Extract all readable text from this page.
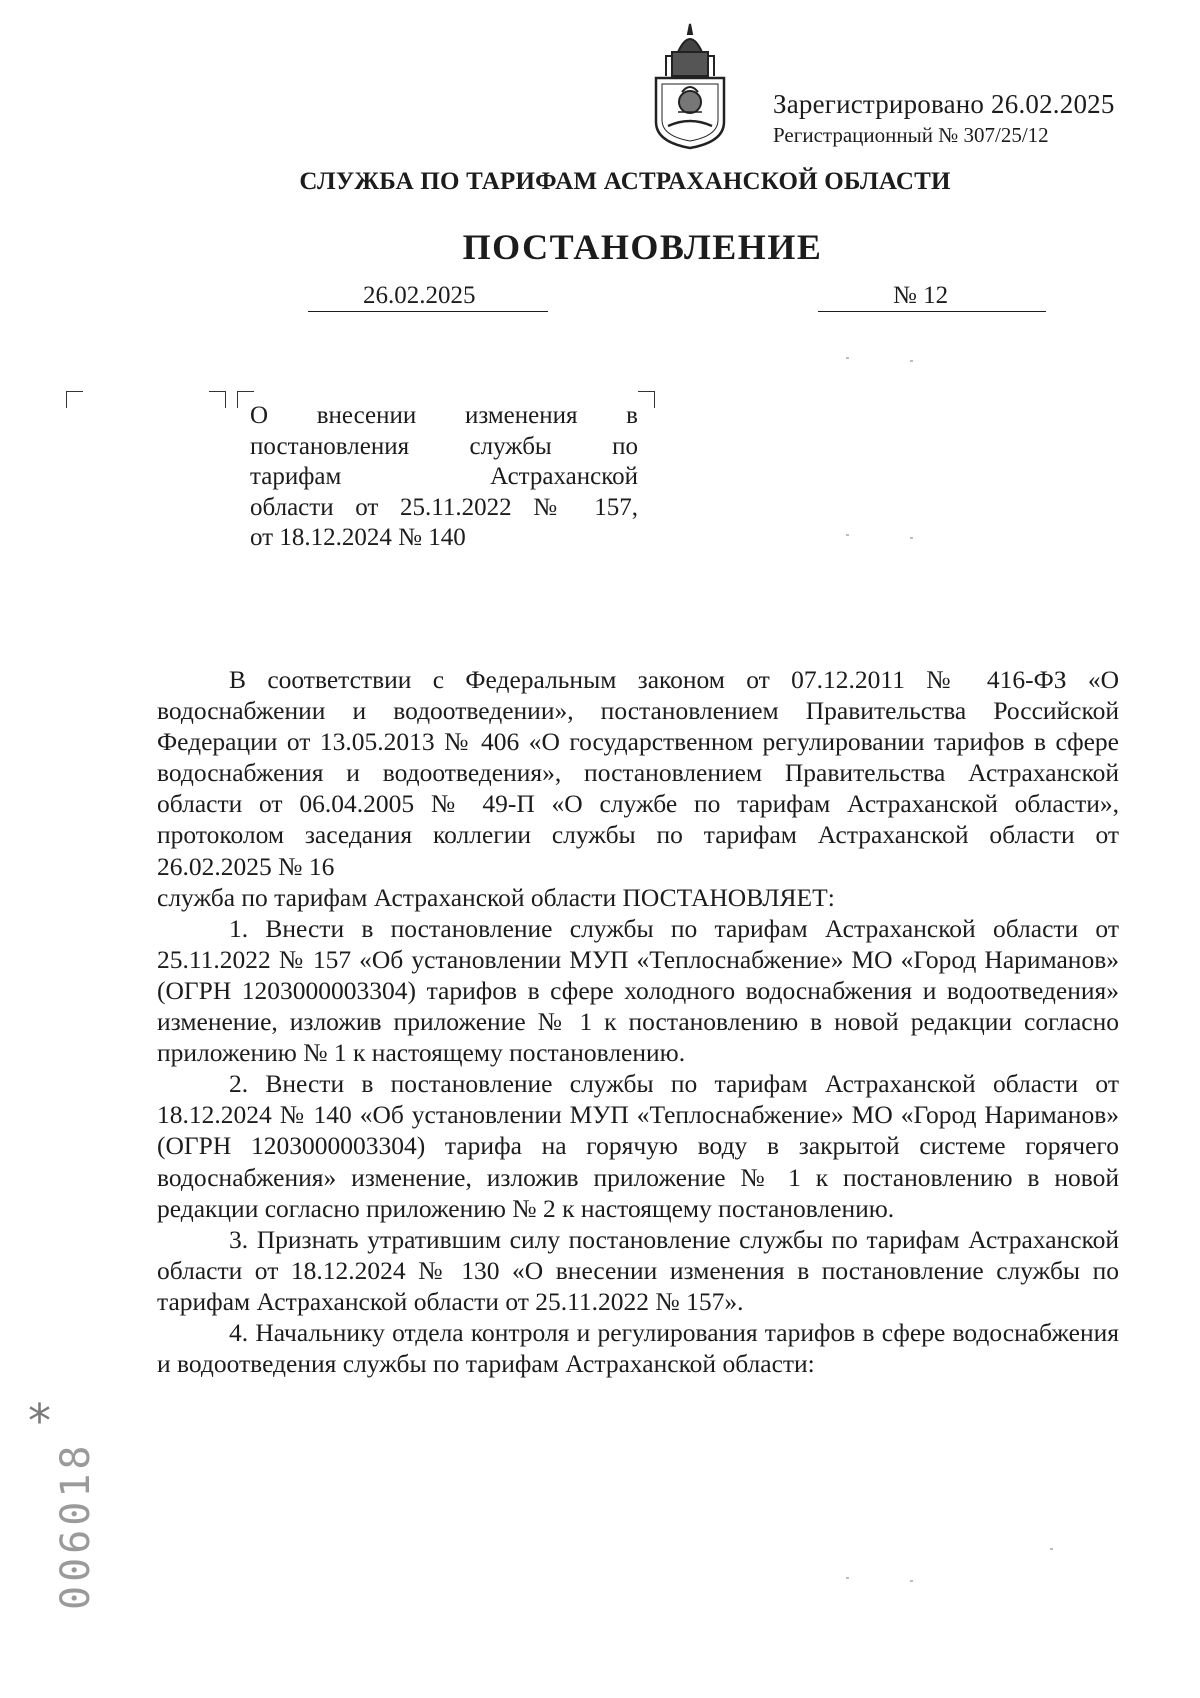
Зарегистрировано 26.02.2025
Регистрационный № 307/25/12
СЛУЖБА ПО ТАРИФАМ АСТРАХАНСКОЙ ОБЛАСТИ
ПОСТАНОВЛЕНИЕ
26.02.2025	№ 12
О внесении изменения в
постановления службы по
тарифам Астраханской
области от 25.11.2022 № 157,
от 18.12.2024 № 140

В соответствии с Федеральным законом от 07.12.2011 № 416-ФЗ «О водоснабжении и водоотведении», постановлением Правительства Российской Федерации от 13.05.2013 № 406 «О государственном регулировании тарифов в сфере водоснабжения и водоотведения», постановлением Правительства Астраханской области от 06.04.2005 № 49-П «О службе по тарифам Астраханской области», протоколом заседания коллегии службы по тарифам Астраханской области от 26.02.2025 № 16

служба по тарифам Астраханской области ПОСТАНОВЛЯЕТ:

1. Внести в постановление службы по тарифам Астраханской области от 25.11.2022 № 157 «Об установлении МУП «Теплоснабжение» МО «Город Нариманов» (ОГРН 1203000003304) тарифов в сфере холодного водоснабжения и водоотведения» изменение, изложив приложение № 1 к постановлению в новой редакции согласно приложению № 1 к настоящему постановлению.

2. Внести в постановление службы по тарифам Астраханской области от 18.12.2024 № 140 «Об установлении МУП «Теплоснабжение» МО «Город Нариманов» (ОГРН 1203000003304) тарифа на горячую воду в закрытой системе горячего водоснабжения» изменение, изложив приложение № 1 к постановлению в новой редакции согласно приложению № 2 к настоящему постановлению.

3. Признать утратившим силу постановление службы по тарифам Астраханской области от 18.12.2024 № 130 «О внесении изменения в постановление службы по тарифам Астраханской области от 25.11.2022 № 157».

4. Начальнику отдела контроля и регулирования тарифов в сфере водоснабжения и водоотведения службы по тарифам Астраханской области:

*
006018
